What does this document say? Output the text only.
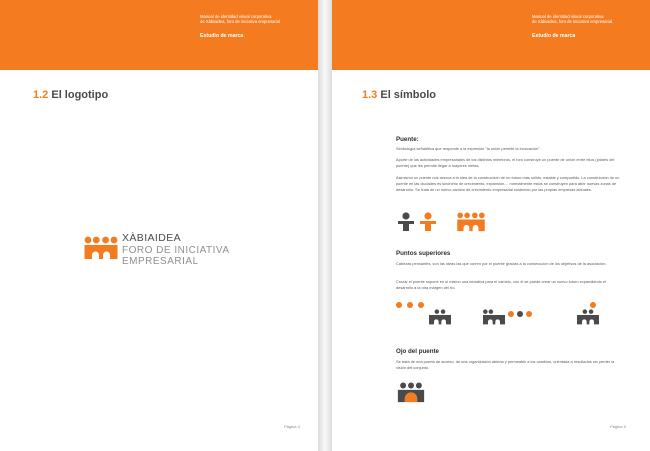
Manual de identidad visual corporativa
de Xàbiaidea, foro de iniciativa empresarial
Estudio de marca
1.2 El logotipo
XÀBIAIDEA
FORO DE INICIATIVA
EMPRESARIAL
Página 4
Manual de identidad visual corporativa
de Xàbiaidea, foro de iniciativa empresarial
Estudio de marca
1.3 El símbolo
Puente:
Simbología señalética que responde a la expresión "la unión permite la innovación".
Aporte de las actividades empresariales de los distintos miembros, el foro construye un puente de unión entre ellos (pilares del puente) que les permite llegar a mayores metas.
Asimismo un puente nos acerca a la idea de la construcción de un futuro más sólido, estable y compartido. La construcción de un puente en las ciudades es sinónimo de crecimiento, expansión,... normalmente estos se construyen para abrir nuevas zonas de desarrollo. Se trata de un nuevo camino de crecimiento empresarial sostenido por las propias empresas actuales.
Puntos superiores
Cabezas pensantes, son las ideas las que corren por el puente gracias a la consecución de los objetivos de la asociación.
Cruzar el puente supone en sí mismo una iniciativa para el cambio, con él se puede crear un nuevo futuro expandiendo el desarrollo a la otra margen del río.
Ojo del puente
Se trata de una puerta de acceso, de una organización abierta y permeable a los cambios, orientada a resultados sin perder la visión del conjunto.
Página 5
